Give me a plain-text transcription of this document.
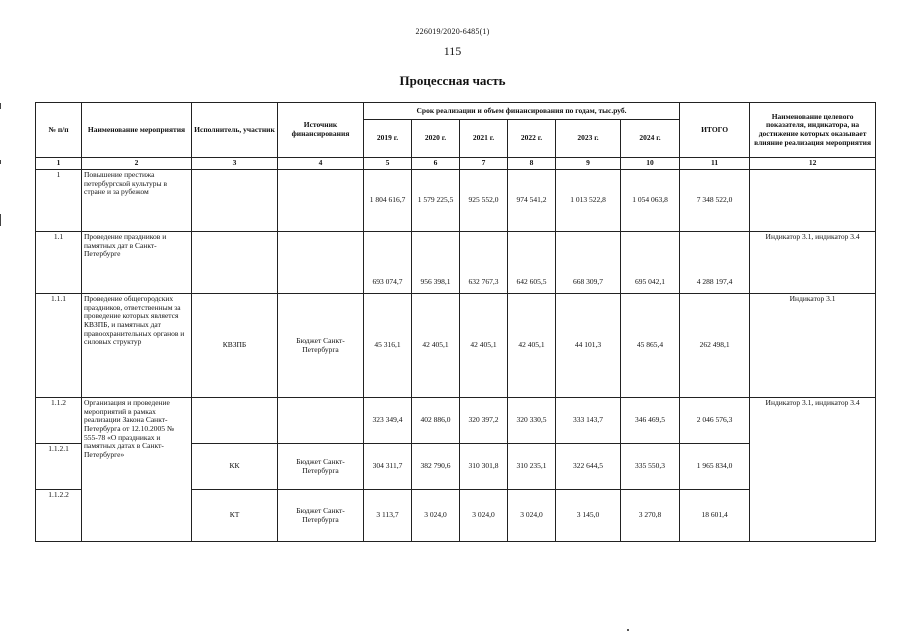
226019/2020-6485(1)
115
Процессная часть
№ п/п	Наименование мероприятия	Исполнитель, участник	Источник финансирования	Срок реализации и объем финансирования по годам, тыс.руб.						ИТОГО	Наименование целевого показателя, индикатора, на достижение которых оказывает влияние реализация мероприятия
				2019 г.	2020 г.	2021 г.	2022 г.	2023 г.	2024 г.		
1	2	3	4	5	6	7	8	9	10	11	12
1	Повышение престижа петербургской культуры в стране и за рубежом			1 804 616,7	1 579 225,5	925 552,0	974 541,2	1 013 522,8	1 054 063,8	7 348 522,0	
1.1	Проведение праздников и памятных дат в Санкт-Петербурге			693 074,7	956 398,1	632 767,3	642 605,5	668 309,7	695 042,1	4 288 197,4	Индикатор 3.1, индикатор 3.4
1.1.1	Проведение общегородских праздников, ответственным за проведение которых является КВЗПБ, и памятных дат правоохранительных органов и силовых структур	КВЗПБ	Бюджет Санкт-Петербурга	45 316,1	42 405,1	42 405,1	42 405,1	44 101,3	45 865,4	262 498,1	Индикатор 3.1
1.1.2	Организация и проведение мероприятий в рамках реализации Закона Санкт-Петербурга от 12.10.2005 № 555-78 «О праздниках и памятных датах в Санкт-Петербурге»			323 349,4	402 886,0	320 397,2	320 330,5	333 143,7	346 469,5	2 046 576,3	Индикатор 3.1, индикатор 3.4
1.1.2.1		КК	Бюджет Санкт-Петербурга	304 311,7	382 790,6	310 301,8	310 235,1	322 644,5	335 550,3	1 965 834,0	
1.1.2.2		КТ	Бюджет Санкт-Петербурга	3 113,7	3 024,0	3 024,0	3 024,0	3 145,0	3 270,8	18 601,4	
